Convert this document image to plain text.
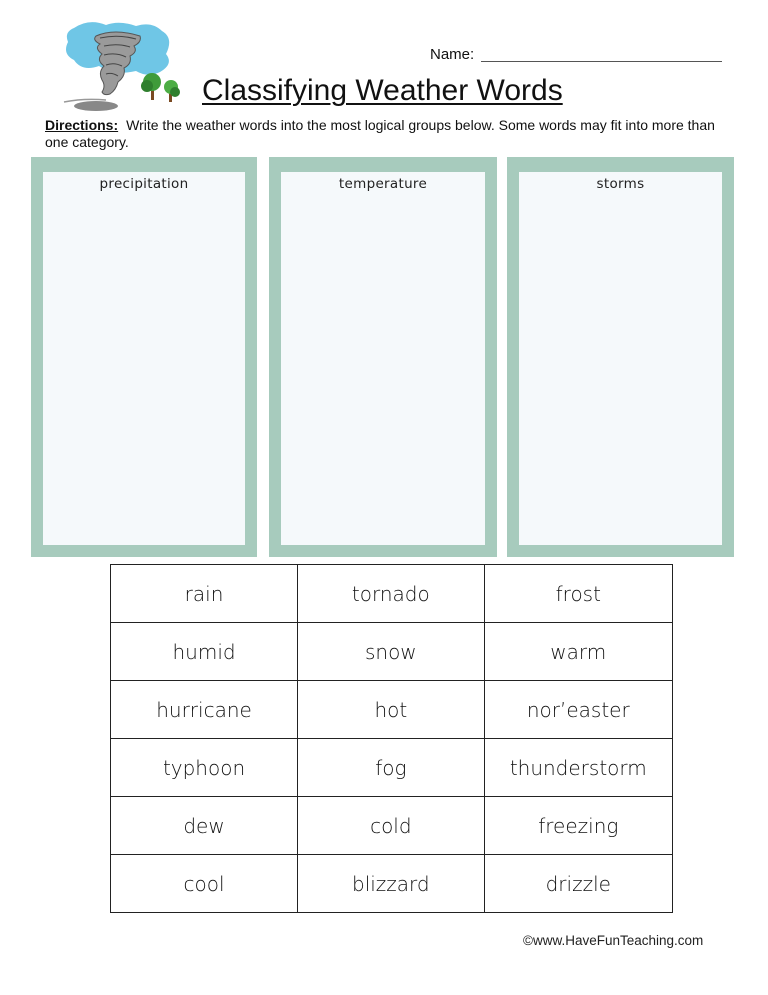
Name:
Classifying Weather Words
Directions: Write the weather words into the most logical groups below. Some words may fit into more than one category.
precipitation	temperature	storms
rain	tornado	frost
humid	snow	warm
hurricane	hot	nor’easter
typhoon	fog	thunderstorm
dew	cold	freezing
cool	blizzard	drizzle
©www.HaveFunTeaching.com
